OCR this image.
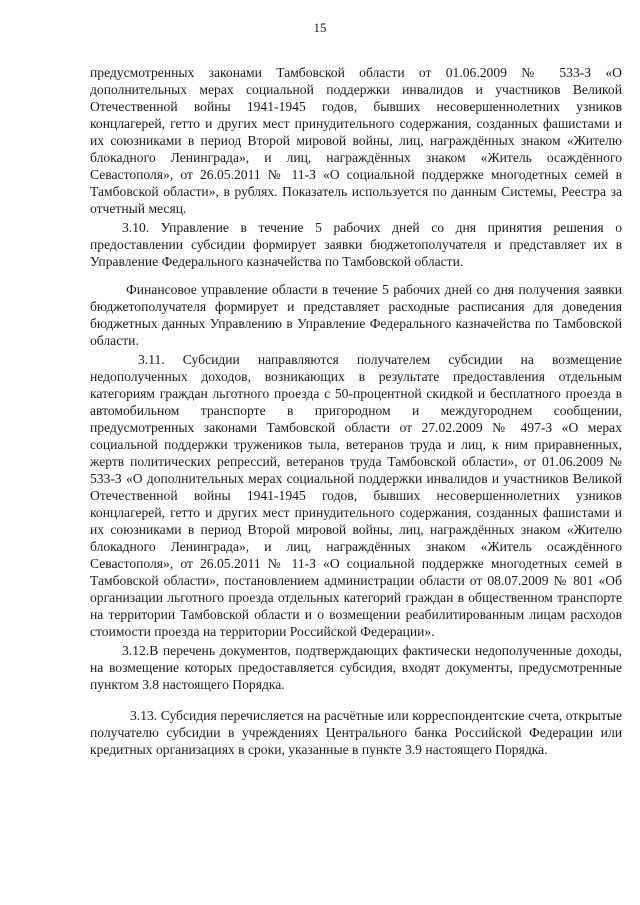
15

предусмотренных законами Тамбовской области от 01.06.2009 № 533-З «О дополнительных мерах социальной поддержки инвалидов и участников Великой Отечественной войны 1941-1945 годов, бывших несовершеннолетних узников концлагерей, гетто и других мест принудительного содержания, созданных фашистами и их союзниками в период Второй мировой войны, лиц, награждённых знаком «Жителю блокадного Ленинграда», и лиц, награждённых знаком «Житель осаждённого Севастополя», от 26.05.2011 № 11-З «О социальной поддержке многодетных семей в Тамбовской области», в рублях. Показатель используется по данным Системы, Реестра за отчетный месяц.

3.10. Управление в течение 5 рабочих дней со дня принятия решения о предоставлении субсидии формирует заявки бюджетополучателя и представляет их в Управление Федерального казначейства по Тамбовской области.

Финансовое управление области в течение 5 рабочих дней со дня получения заявки бюджетополучателя формирует и представляет расходные расписания для доведения бюджетных данных Управлению в Управление Федерального казначейства по Тамбовской области.

3.11. Субсидии направляются получателем субсидии на возмещение недополученных доходов, возникающих в результате предоставления отдельным категориям граждан льготного проезда с 50-процентной скидкой и бесплатного проезда в автомобильном транспорте в пригородном и междугороднем сообщении, предусмотренных законами Тамбовской области от 27.02.2009 № 497-З «О мерах социальной поддержки тружеников тыла, ветеранов труда и лиц, к ним приравненных, жертв политических репрессий, ветеранов труда Тамбовской области», от 01.06.2009 № 533-З «О дополнительных мерах социальной поддержки инвалидов и участников Великой Отечественной войны 1941-1945 годов, бывших несовершеннолетних узников концлагерей, гетто и других мест принудительного содержания, созданных фашистами и их союзниками в период Второй мировой войны, лиц, награждённых знаком «Жителю блокадного Ленинграда», и лиц, награждённых знаком «Житель осаждённого Севастополя», от 26.05.2011 № 11-З «О социальной поддержке многодетных семей в Тамбовской области», постановлением администрации области от 08.07.2009 № 801 «Об организации льготного проезда отдельных категорий граждан в общественном транспорте на территории Тамбовской области и о возмещении реабилитированным лицам расходов стоимости проезда на территории Российской Федерации».

3.12.В перечень документов, подтверждающих фактически недополученные доходы, на возмещение которых предоставляется субсидия, входят документы, предусмотренные пунктом 3.8 настоящего Порядка.

3.13. Субсидия перечисляется на расчётные или корреспондентские счета, открытые получателю субсидии в учреждениях Центрального банка Российской Федерации или кредитных организациях в сроки, указанные в пункте 3.9 настоящего Порядка.
